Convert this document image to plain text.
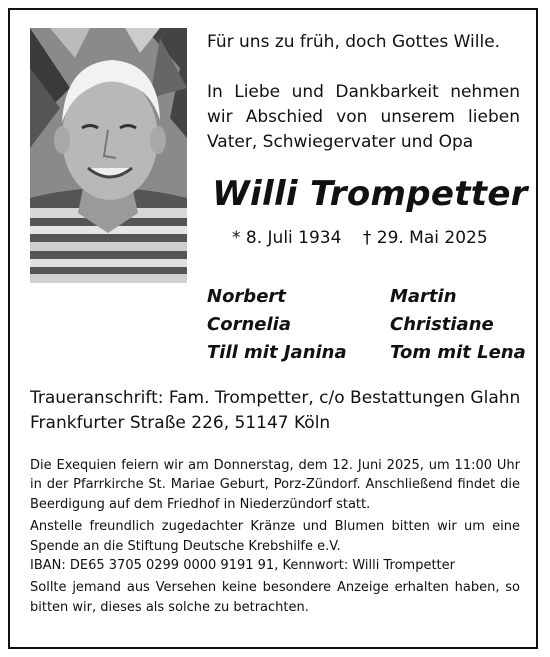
Für uns zu früh, doch Gottes Wille.

In Liebe und Dankbarkeit nehmen wir Abschied von unserem lieben Vater, Schwiegervater und Opa

Willi Trompetter
* 8. Juli 1934 † 29. Mai 2025
Norbert
Cornelia
Till mit Janina
Martin
Christiane
Tom mit Lena
Traueranschrift: Fam. Trompetter, c/o Bestattungen Glahn
Frankfurter Straße 226, 51147 Köln

Die Exequien feiern wir am Donnerstag, dem 12. Juni 2025, um 11:00 Uhr in der Pfarrkirche St. Mariae Geburt, Porz-Zündorf. Anschließend findet die Beerdigung auf dem Friedhof in Niederzündorf statt.

Anstelle freundlich zugedachter Kränze und Blumen bitten wir um eine Spende an die Stiftung Deutsche Krebshilfe e.V.
IBAN: DE65 3705 0299 0000 9191 91, Kennwort: Willi Trompetter

Sollte jemand aus Versehen keine besondere Anzeige erhalten haben, so bitten wir, dieses als solche zu betrachten.
